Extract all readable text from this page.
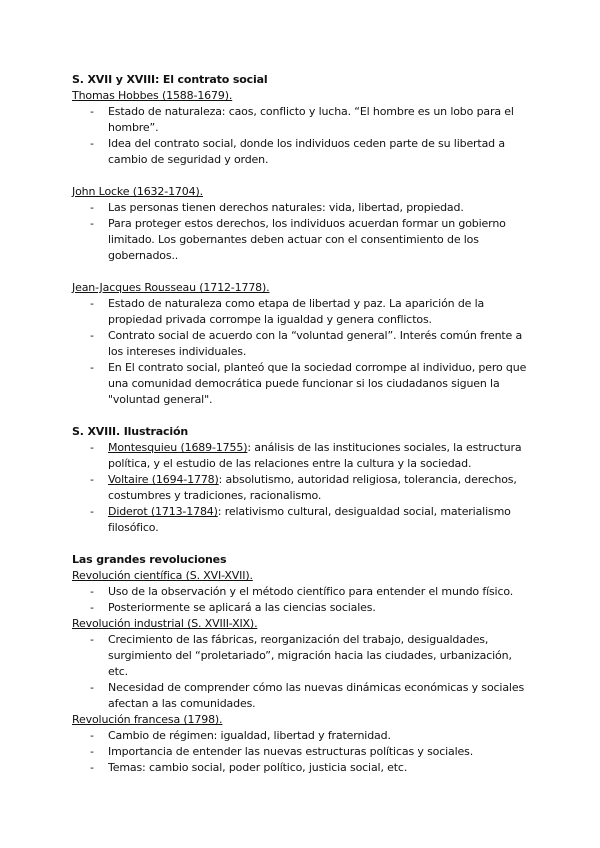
S. XVII y XVIII: El contrato social
Thomas Hobbes (1588-1679).
- Estado de naturaleza: caos, conflicto y lucha. “El hombre es un lobo para el hombre”.
- Idea del contrato social, donde los individuos ceden parte de su libertad a cambio de seguridad y orden.
John Locke (1632-1704).
- Las personas tienen derechos naturales: vida, libertad, propiedad.
- Para proteger estos derechos, los individuos acuerdan formar un gobierno limitado. Los gobernantes deben actuar con el consentimiento de los gobernados..
Jean-Jacques Rousseau (1712-1778).
- Estado de naturaleza como etapa de libertad y paz. La aparición de la propiedad privada corrompe la igualdad y genera conflictos.
- Contrato social de acuerdo con la “voluntad general”. Interés común frente a los intereses individuales.
- En El contrato social, planteó que la sociedad corrompe al individuo, pero que una comunidad democrática puede funcionar si los ciudadanos siguen la "voluntad general".
S. XVIII. Ilustración
- Montesquieu (1689-1755): análisis de las instituciones sociales, la estructura política, y el estudio de las relaciones entre la cultura y la sociedad.
- Voltaire (1694-1778): absolutismo, autoridad religiosa, tolerancia, derechos, costumbres y tradiciones, racionalismo.
- Diderot (1713-1784): relativismo cultural, desigualdad social, materialismo filosófico.
Las grandes revoluciones
Revolución científica (S. XVI-XVII).
- Uso de la observación y el método científico para entender el mundo físico.
- Posteriormente se aplicará a las ciencias sociales.
Revolución industrial (S. XVIII-XIX).
- Crecimiento de las fábricas, reorganización del trabajo, desigualdades, surgimiento del “proletariado”, migración hacia las ciudades, urbanización, etc.
- Necesidad de comprender cómo las nuevas dinámicas económicas y sociales afectan a las comunidades.
Revolución francesa (1798).
- Cambio de régimen: igualdad, libertad y fraternidad.
- Importancia de entender las nuevas estructuras políticas y sociales.
- Temas: cambio social, poder político, justicia social, etc.
